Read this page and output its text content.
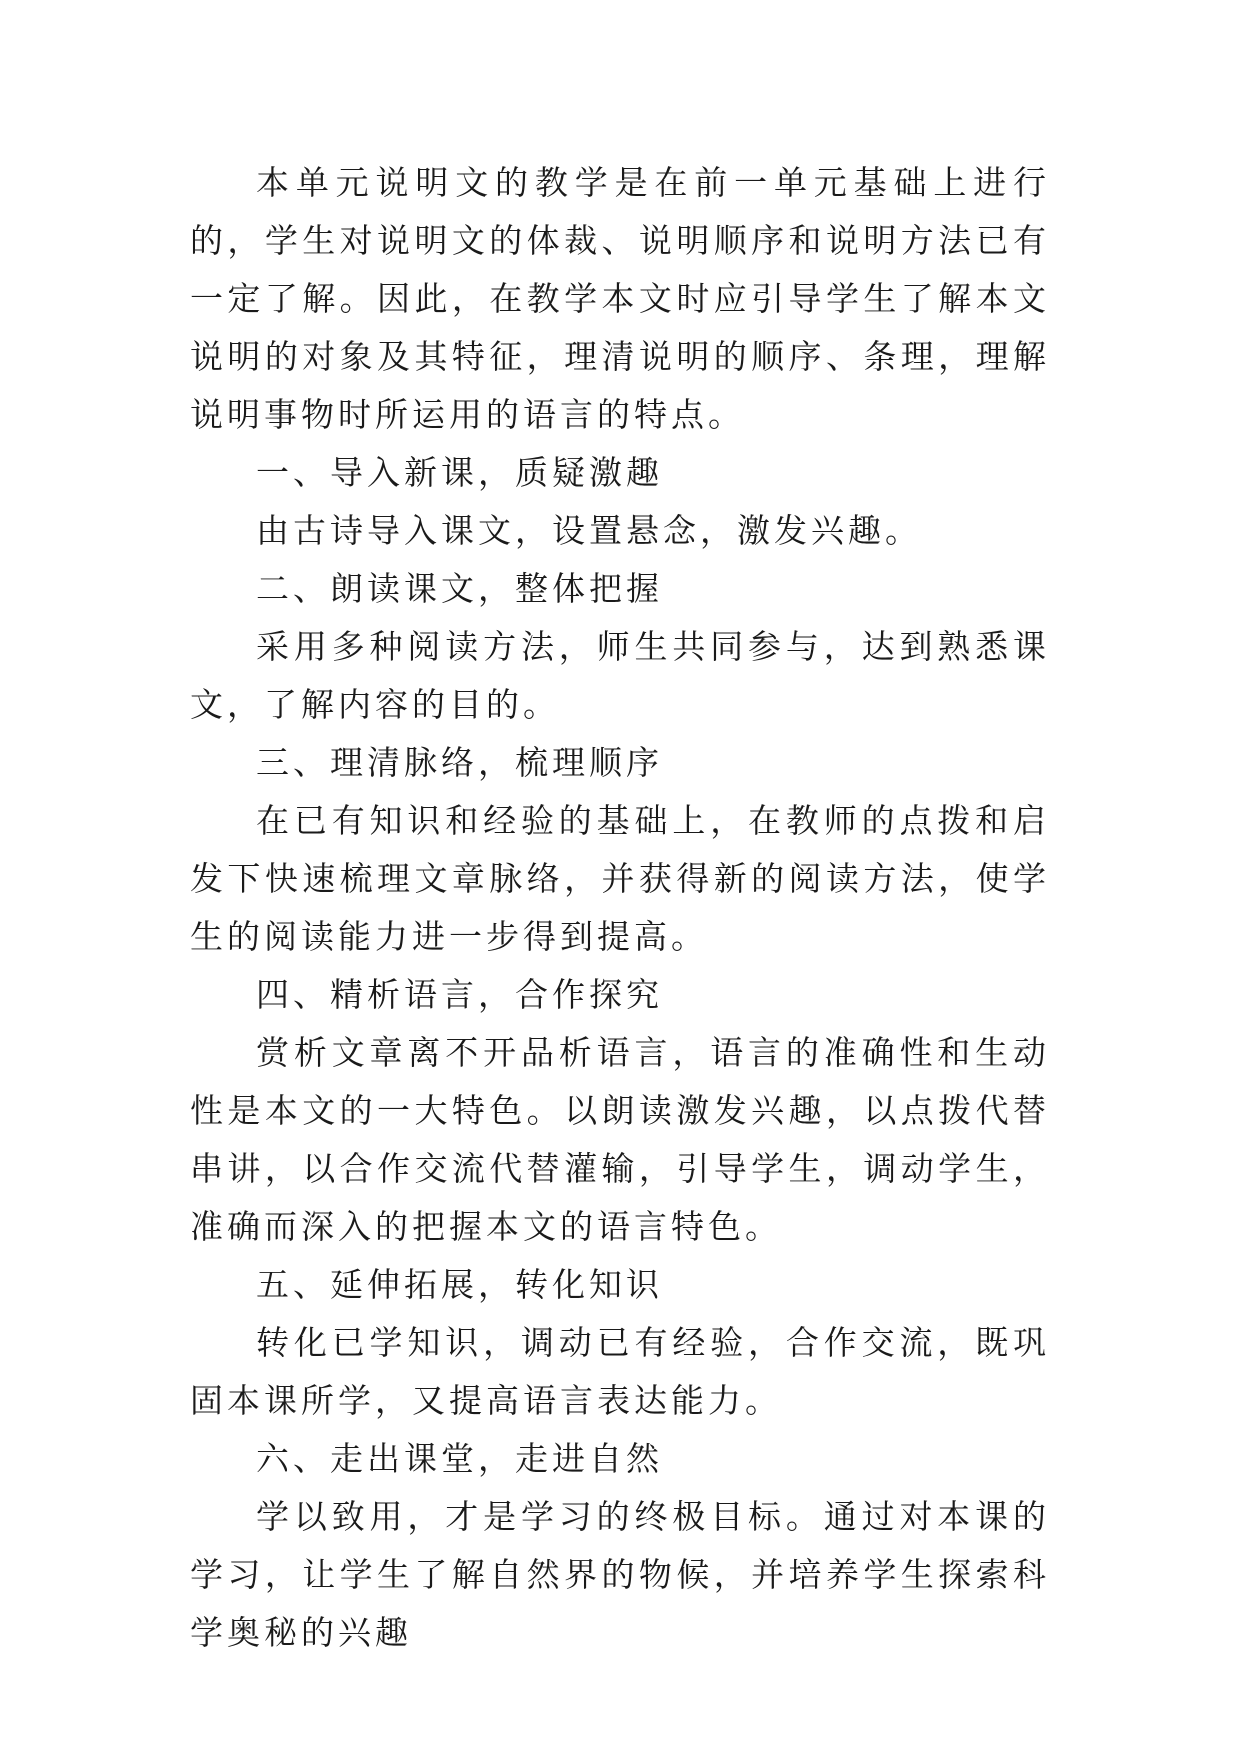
本单元说明文的教学是在前一单元基础上进行的，学生对说明文的体裁、说明顺序和说明方法已有一定了解。因此，在教学本文时应引导学生了解本文说明的对象及其特征，理清说明的顺序、条理，理解说明事物时所运用的语言的特点。

一、导入新课，质疑激趣

由古诗导入课文，设置悬念，激发兴趣。

二、朗读课文，整体把握

采用多种阅读方法，师生共同参与，达到熟悉课文，了解内容的目的。

三、理清脉络，梳理顺序

在已有知识和经验的基础上，在教师的点拨和启发下快速梳理文章脉络，并获得新的阅读方法，使学生的阅读能力进一步得到提高。

四、精析语言，合作探究

赏析文章离不开品析语言，语言的准确性和生动性是本文的一大特色。以朗读激发兴趣，以点拨代替串讲，以合作交流代替灌输，引导学生，调动学生，准确而深入的把握本文的语言特色。

五、延伸拓展，转化知识

转化已学知识，调动已有经验，合作交流，既巩固本课所学，又提高语言表达能力。

六、走出课堂，走进自然

学以致用，才是学习的终极目标。通过对本课的学习，让学生了解自然界的物候，并培养学生探索科学奥秘的兴趣
